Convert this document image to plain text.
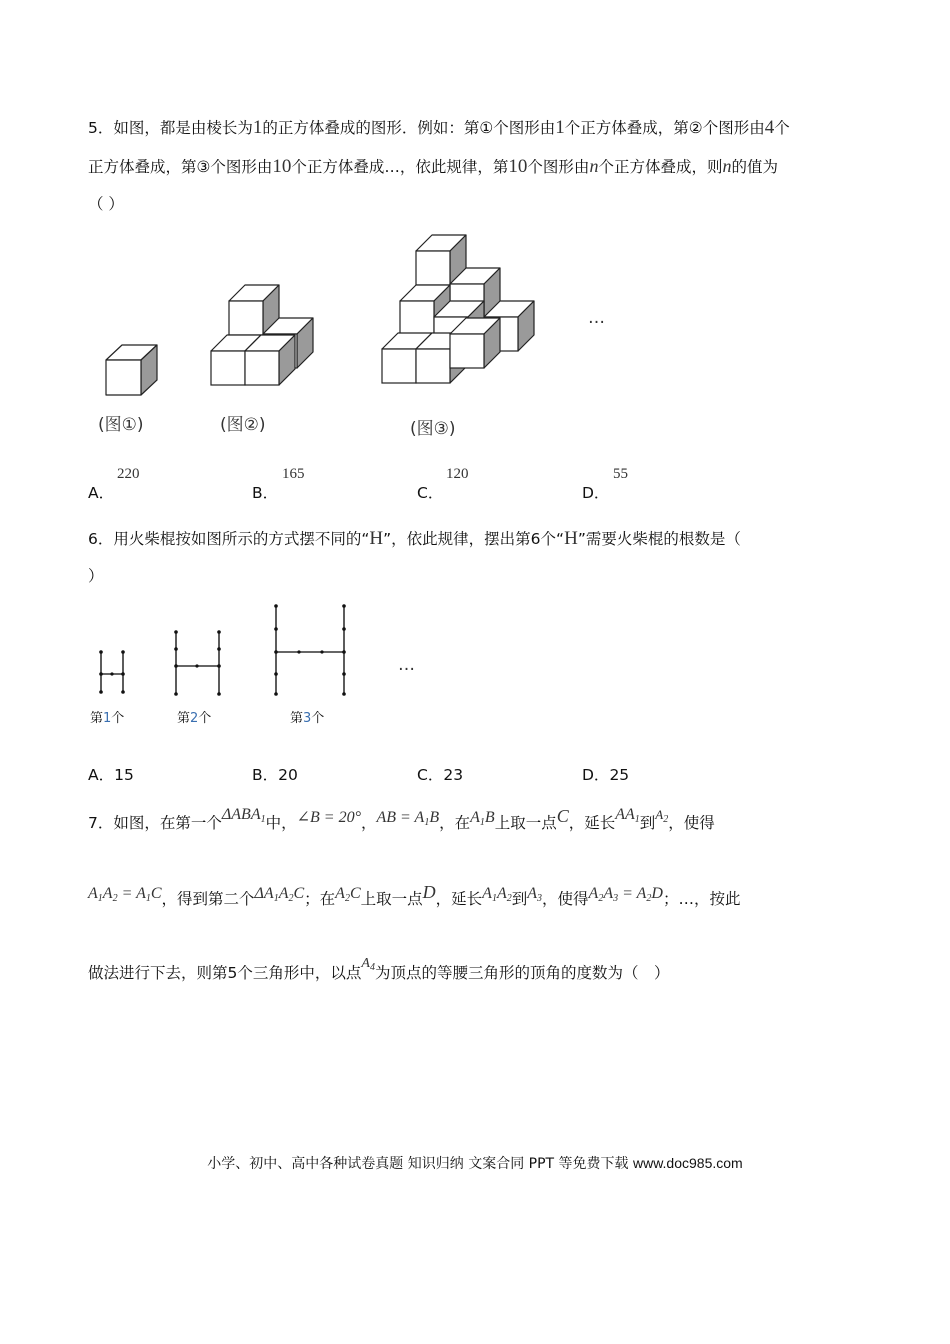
5．如图，都是由棱长为1的正方体叠成的图形．例如：第①个图形由1个正方体叠成，第②个图形由4个
正方体叠成，第③个图形由10个正方体叠成…，依此规律，第10个图形由n个正方体叠成，则n的值为
（ ）
…
(图①)	(图②)	(图③)
A．
220
B．
165
C．
120
D．
55
6．用火柴棍按如图所示的方式摆不同的“H”，依此规律，摆出第6个“H”需要火柴棍的根数是（
）
…
第1个	第2个	第3个
A．15	B．20	C．23	D．25
7．如图，在第一个$\Delta ABA_1$中，∠B = 20°，AB = $A_1B$，在$A_1B$上取一点C，延长$AA_1$到$^{A_2}$，使得
$A_1A_2 = A_1C$，得到第二个$\Delta A_1A_2C$；在$A_2C$上取一点D，延长$A_1A_2$到$A_3$，使得$A_2A_3 = A_2D$；…，按此
做法进行下去，则第5个三角形中，以点$A_4$为顶点的等腰三角形的顶角的度数为（　）
小学、初中、高中各种试卷真题 知识归纳 文案合同 PPT 等免费下载 www.doc985.com
